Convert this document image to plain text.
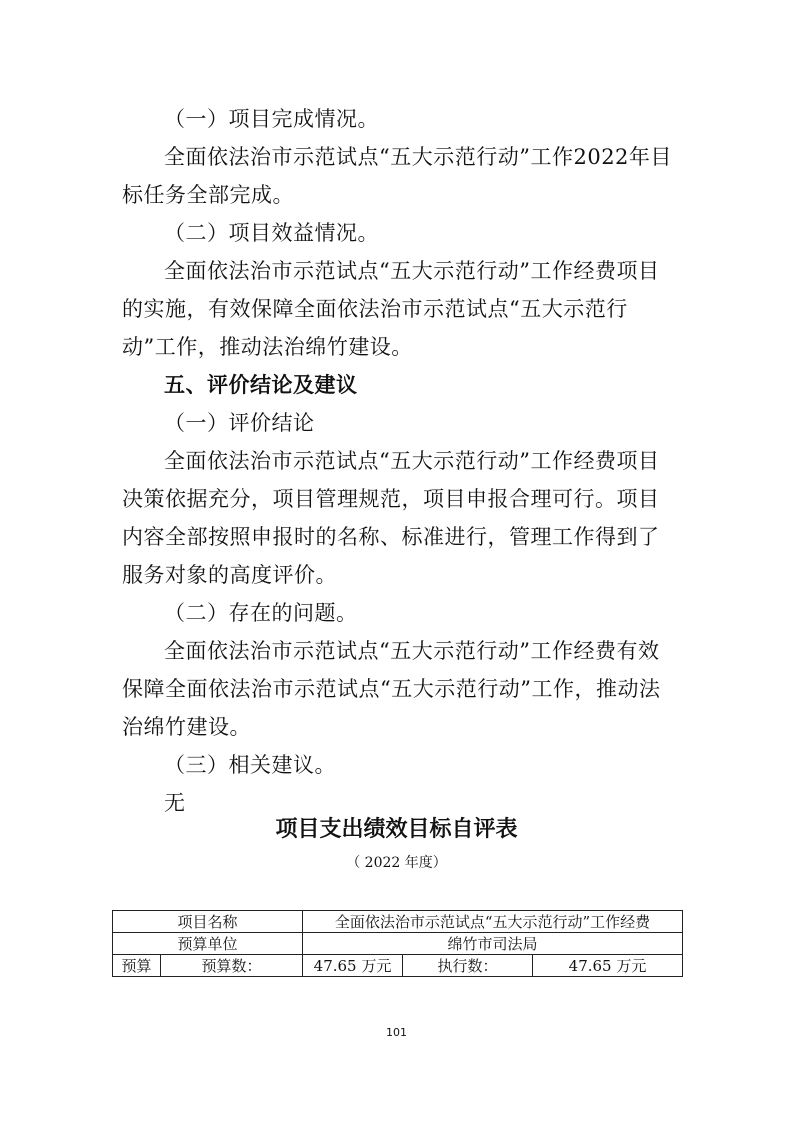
（一）项目完成情况。

全面依法治市示范试点“五大示范行动”工作2022年目标任务全部完成。

（二）项目效益情况。

全面依法治市示范试点“五大示范行动”工作经费项目的实施，有效保障全面依法治市示范试点“五大示范行动”工作，推动法治绵竹建设。

五、评价结论及建议

（一）评价结论

全面依法治市示范试点“五大示范行动”工作经费项目决策依据充分，项目管理规范，项目申报合理可行。项目内容全部按照申报时的名称、标准进行，管理工作得到了服务对象的高度评价。

（二）存在的问题。

全面依法治市示范试点“五大示范行动”工作经费有效保障全面依法治市示范试点“五大示范行动”工作，推动法治绵竹建设。

（三）相关建议。

无

项目支出绩效目标自评表
（ 2022 年度）
项目名称		全面依法治市示范试点“五大示范行动”工作经费		
预算单位		绵竹市司法局		
预算	预算数：	47.65 万元	执行数：	47.65 万元
101
